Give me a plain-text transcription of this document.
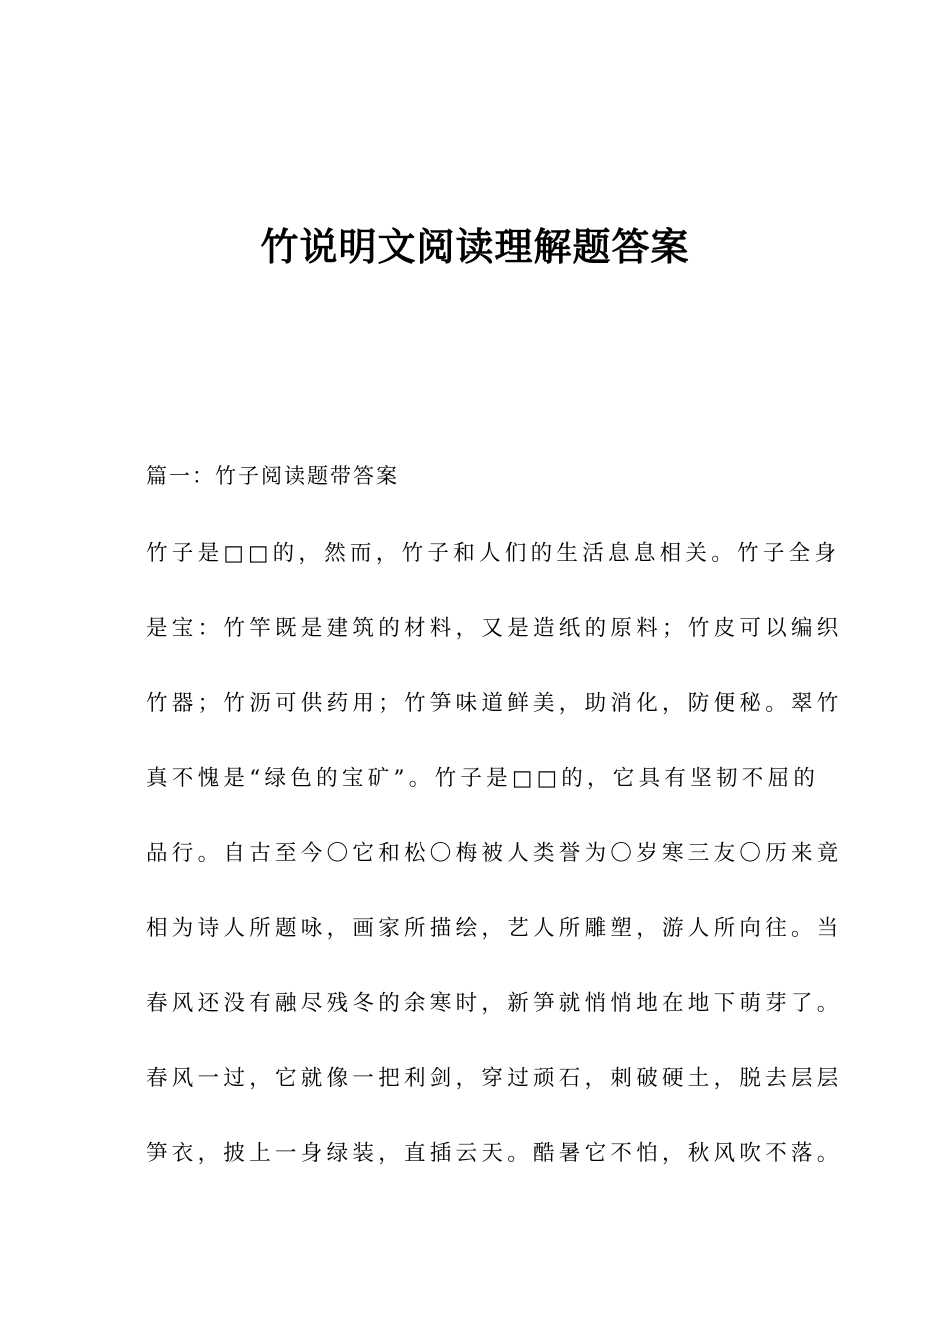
竹说明文阅读理解题答案

篇一：竹子阅读题带答案

竹子是□□的，然而，竹子和人们的生活息息相关。竹子全身

是宝：竹竿既是建筑的材料，又是造纸的原料；竹皮可以编织

竹器；竹沥可供药用；竹笋味道鲜美，助消化，防便秘。翠竹

真不愧是“绿色的宝矿”。竹子是□□的，它具有坚韧不屈的

品行。自古至今〇它和松〇梅被人类誉为〇岁寒三友〇历来竟

相为诗人所题咏，画家所描绘，艺人所雕塑，游人所向往。当

春风还没有融尽残冬的余寒时，新笋就悄悄地在地下萌芽了。

春风一过，它就像一把利剑，穿过顽石，刺破硬土，脱去层层

笋衣，披上一身绿装，直插云天。酷暑它不怕，秋风吹不落。
